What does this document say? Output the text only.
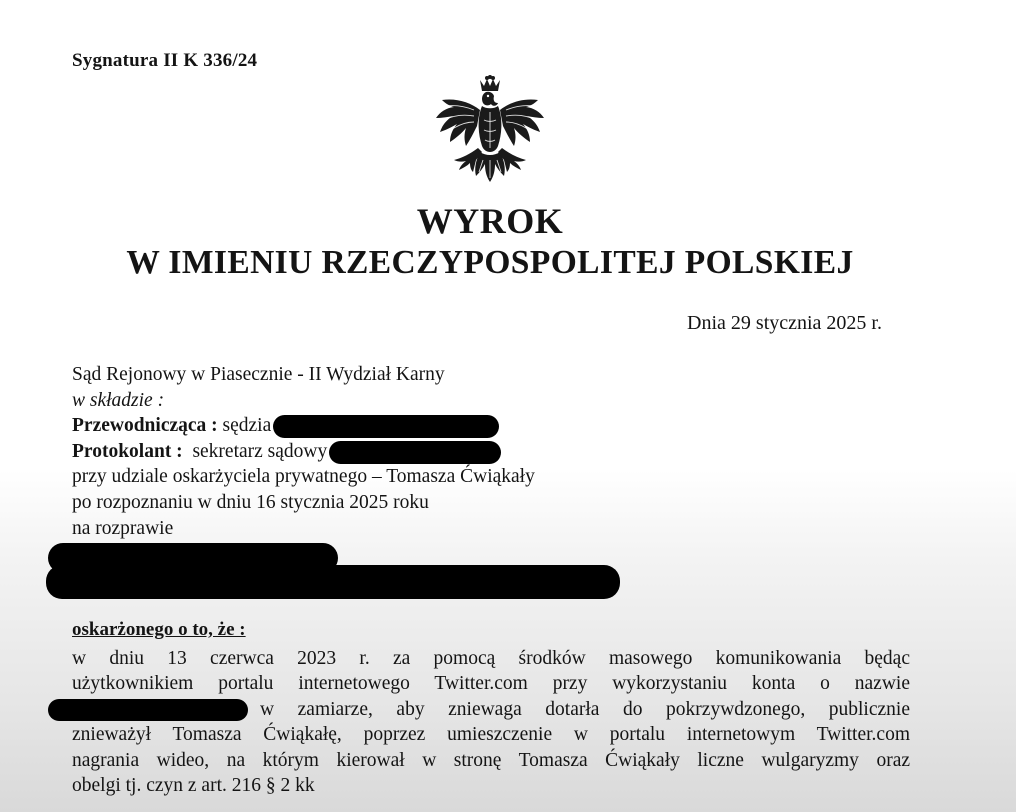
Sygnatura II K 336/24
WYROK
W IMIENIU RZECZYPOSPOLITEJ POLSKIEJ
Dnia 29 stycznia 2025 r.
Sąd Rejonowy w Piasecznie - II Wydział Karny
w składzie :
Przewodnicząca : sędzia
Protokolant : sekretarz sądowy
przy udziale oskarżyciela prywatnego – Tomasza Ćwiąkały
po rozpoznaniu w dniu 16 stycznia 2025 roku
na rozprawie
oskarżonego o to, że :
w dniu 13 czerwca 2023 r. za pomocą środków masowego komunikowania będąc
użytkownikiem portalu internetowego Twitter.com przy wykorzystaniu konta o nazwie
w zamiarze, aby zniewaga dotarła do pokrzywdzonego, publicznie
znieważył Tomasza Ćwiąkałę, poprzez umieszczenie w portalu internetowym Twitter.com
nagrania wideo, na którym kierował w stronę Tomasza Ćwiąkały liczne wulgaryzmy oraz
obelgi tj. czyn z art. 216 § 2 kk
